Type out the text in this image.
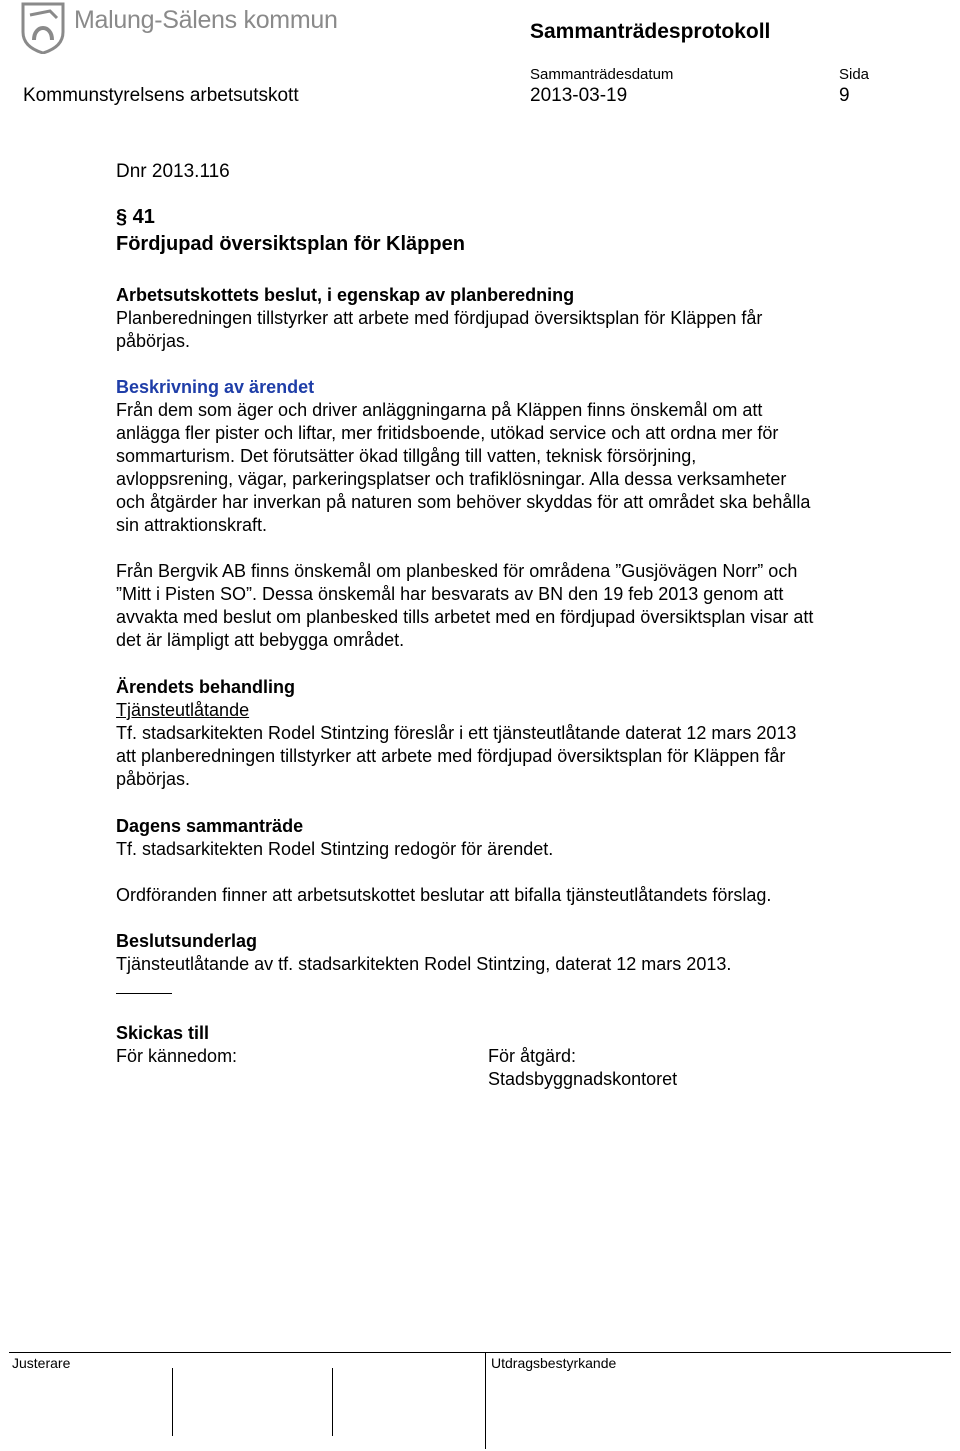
Malung-Sälens kommun	Sammanträdesprotokoll
Sammanträdesdatum	Sida
Kommunstyrelsens arbetsutskott	2013-03-19	9

Dnr 2013.116

§ 41

Fördjupad översiktsplan för Kläppen

Arbetsutskottets beslut, i egenskap av planberedning

Planberedningen tillstyrker att arbete med fördjupad översiktsplan för Kläppen får

påbörjas.

Beskrivning av ärendet

Från dem som äger och driver anläggningarna på Kläppen finns önskemål om att

anlägga fler pister och liftar, mer fritidsboende, utökad service och att ordna mer för

sommarturism. Det förutsätter ökad tillgång till vatten, teknisk försörjning,

avloppsrening, vägar, parkeringsplatser och trafiklösningar. Alla dessa verksamheter

och åtgärder har inverkan på naturen som behöver skyddas för att området ska behålla

sin attraktionskraft.

Från Bergvik AB finns önskemål om planbesked för områdena ”Gusjövägen Norr” och

”Mitt i Pisten SO”. Dessa önskemål har besvarats av BN den 19 feb 2013 genom att

avvakta med beslut om planbesked tills arbetet med en fördjupad översiktsplan visar att

det är lämpligt att bebygga området.

Ärendets behandling

Tjänsteutlåtande

Tf. stadsarkitekten Rodel Stintzing föreslår i ett tjänsteutlåtande daterat 12 mars 2013

att planberedningen tillstyrker att arbete med fördjupad översiktsplan för Kläppen får

påbörjas.

Dagens sammanträde

Tf. stadsarkitekten Rodel Stintzing redogör för ärendet.

Ordföranden finner att arbetsutskottet beslutar att bifalla tjänsteutlåtandets förslag.

Beslutsunderlag

Tjänsteutlåtande av tf. stadsarkitekten Rodel Stintzing, daterat 12 mars 2013.

Skickas till

För kännedom:	För åtgärd:
Stadsbyggnadskontoret
Justerare	Utdragsbestyrkande
